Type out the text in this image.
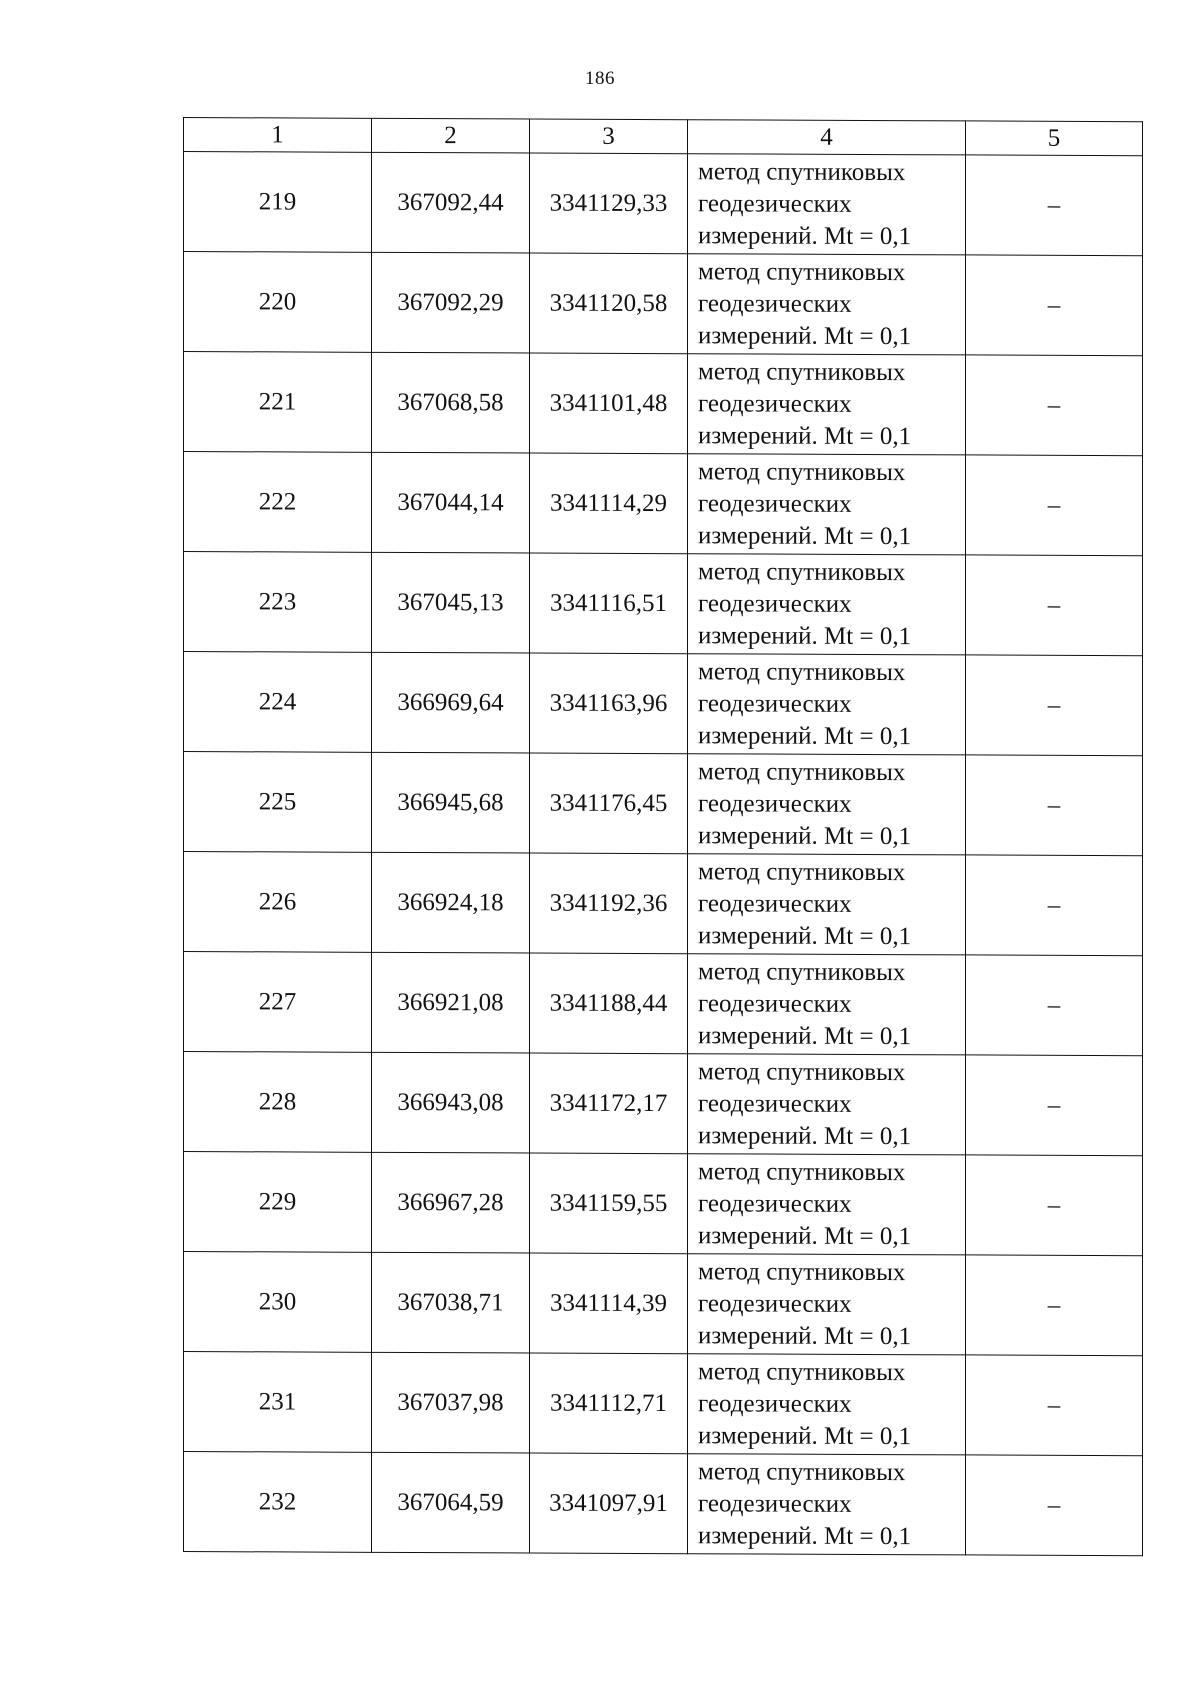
186
1	2	3	4	5
219	367092,44	3341129,33	метод спутниковых
геодезических
измерений. Mt = 0,1	–
220	367092,29	3341120,58	метод спутниковых
геодезических
измерений. Mt = 0,1	–
221	367068,58	3341101,48	метод спутниковых
геодезических
измерений. Mt = 0,1	–
222	367044,14	3341114,29	метод спутниковых
геодезических
измерений. Mt = 0,1	–
223	367045,13	3341116,51	метод спутниковых
геодезических
измерений. Mt = 0,1	–
224	366969,64	3341163,96	метод спутниковых
геодезических
измерений. Mt = 0,1	–
225	366945,68	3341176,45	метод спутниковых
геодезических
измерений. Mt = 0,1	–
226	366924,18	3341192,36	метод спутниковых
геодезических
измерений. Mt = 0,1	–
227	366921,08	3341188,44	метод спутниковых
геодезических
измерений. Mt = 0,1	–
228	366943,08	3341172,17	метод спутниковых
геодезических
измерений. Mt = 0,1	–
229	366967,28	3341159,55	метод спутниковых
геодезических
измерений. Mt = 0,1	–
230	367038,71	3341114,39	метод спутниковых
геодезических
измерений. Mt = 0,1	–
231	367037,98	3341112,71	метод спутниковых
геодезических
измерений. Mt = 0,1	–
232	367064,59	3341097,91	метод спутниковых
геодезических
измерений. Mt = 0,1	–
